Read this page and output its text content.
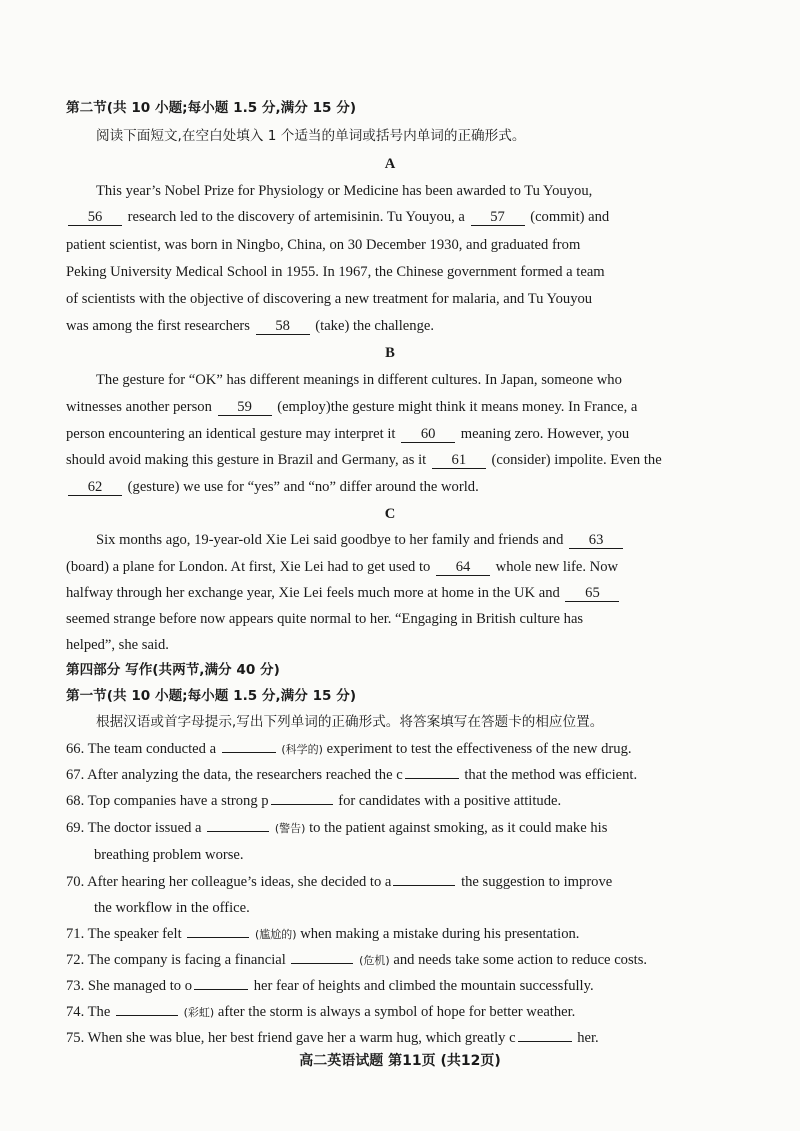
第二节(共 10 小题;每小题 1.5 分,满分 15 分)
阅读下面短文,在空白处填入 1 个适当的单词或括号内单词的正确形式。
A
This year’s Nobel Prize for Physiology or Medicine has been awarded to Tu Youyou,
56 research led to the discovery of artemisinin. Tu Youyou, a 57 (commit) and
patient scientist, was born in Ningbo, China, on 30 December 1930, and graduated from
Peking University Medical School in 1955. In 1967, the Chinese government formed a team
of scientists with the objective of discovering a new treatment for malaria, and Tu Youyou
was among the first researchers 58 (take) the challenge.
B
The gesture for “OK” has different meanings in different cultures. In Japan, someone who
witnesses another person 59 (employ)the gesture might think it means money. In France, a
person encountering an identical gesture may interpret it 60 meaning zero. However, you
should avoid making this gesture in Brazil and Germany, as it 61 (consider) impolite. Even the
62 (gesture) we use for “yes” and “no” differ around the world.
C
Six months ago, 19-year-old Xie Lei said goodbye to her family and friends and 63
(board) a plane for London. At first, Xie Lei had to get used to 64 whole new life. Now
halfway through her exchange year, Xie Lei feels much more at home in the UK and 65
seemed strange before now appears quite normal to her. “Engaging in British culture has
helped”, she said.
第四部分 写作(共两节,满分 40 分)
第一节(共 10 小题;每小题 1.5 分,满分 15 分)
根据汉语或首字母提示,写出下列单词的正确形式。将答案填写在答题卡的相应位置。
66. The team conducted a	(科学的) experiment to test the effectiveness of the new drug.
67. After analyzing the data, the researchers reached the c	that the method was efficient.
68. Top companies have a strong p	for candidates with a positive attitude.
69. The doctor issued a	(警告) to the patient against smoking, as it could make his
breathing problem worse.
70. After hearing her colleague’s ideas, she decided to a	the suggestion to improve
the workflow in the office.
71. The speaker felt	(尴尬的) when making a mistake during his presentation.
72. The company is facing a financial	(危机) and needs take some action to reduce costs.
73. She managed to o	her fear of heights and climbed the mountain successfully.
74. The	(彩虹) after the storm is always a symbol of hope for better weather.
75. When she was blue, her best friend gave her a warm hug, which greatly c	her.
高二英语试题 第11页 (共12页)
